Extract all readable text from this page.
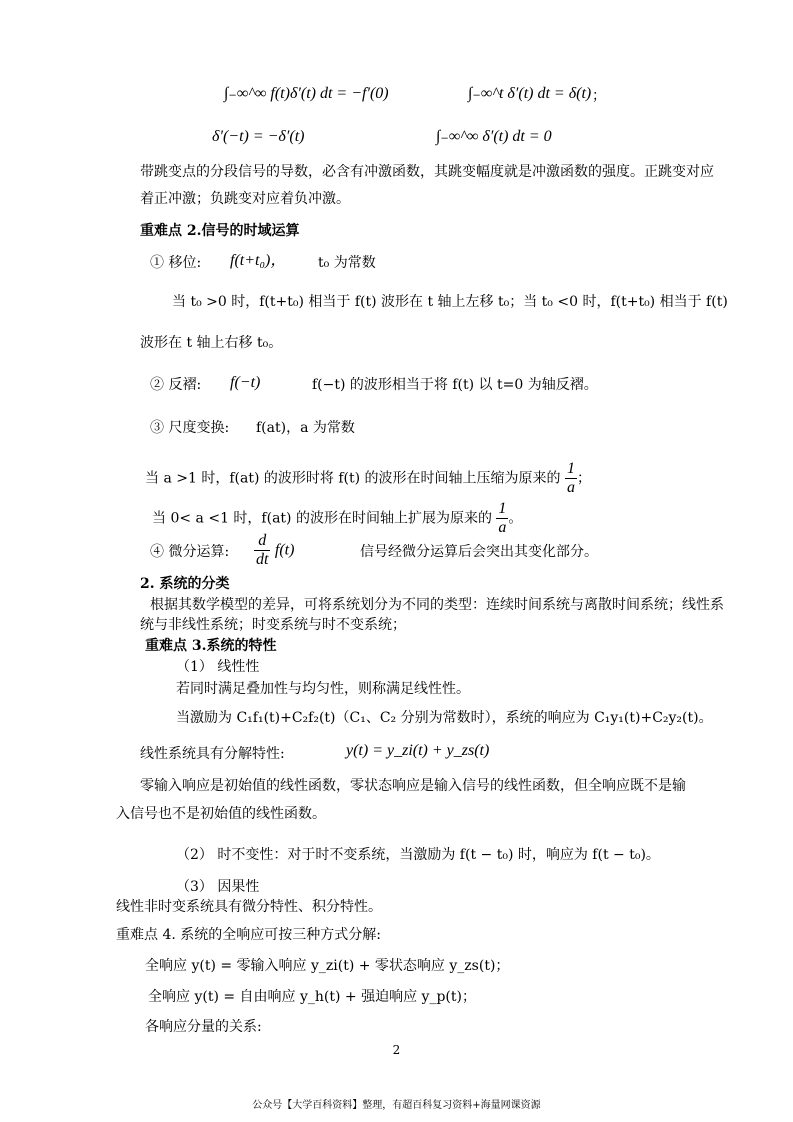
∫₋∞^∞ f(t)δ′(t) dt = −f′(0)	∫₋∞^t δ′(t) dt = δ(t) ；
δ′(−t) = −δ′(t)	∫₋∞^∞ δ′(t) dt = 0
带跳变点的分段信号的导数，必含有冲激函数，其跳变幅度就是冲激函数的强度。正跳变对应
着正冲激；负跳变对应着负冲激。
重难点 2.信号的时域运算
① 移位: f(t+t₀)， t₀ 为常数
当 t₀ >0 时，f(t+t₀) 相当于 f(t) 波形在 t 轴上左移 t₀；当 t₀ <0 时，f(t+t₀) 相当于 f(t)
波形在 t 轴上右移 t₀。
② 反褶: f(−t)	f(−t) 的波形相当于将 f(t) 以 t=0 为轴反褶。
③ 尺度变换: f(at)，a 为常数
当 a >1 时，f(at) 的波形时将 f(t) 的波形在时间轴上压缩为原来的 $\frac{1}{a}$ ；
当 0< a <1 时，f(at) 的波形在时间轴上扩展为原来的 $\frac{1}{a}$ 。
④ 微分运算: $\frac{d}{dt} f(t)$	信号经微分运算后会突出其变化部分。
2. 系统的分类
根据其数学模型的差异，可将系统划分为不同的类型：连续时间系统与离散时间系统；线性系
统与非线性系统；时变系统与时不变系统；
重难点 3.系统的特性
（1） 线性性
若同时满足叠加性与均匀性，则称满足线性性。
当激励为 C₁f₁(t)+C₂f₂(t)（C₁、C₂ 分别为常数时），系统的响应为 C₁y₁(t)+C₂y₂(t)。
线性系统具有分解特性:	y(t) = y_zi(t) + y_zs(t)
零输入响应是初始值的线性函数，零状态响应是输入信号的线性函数，但全响应既不是输
入信号也不是初始值的线性函数。
（2） 时不变性：对于时不变系统，当激励为 f(t − t₀) 时，响应为 f(t − t₀)。
（3） 因果性
线性非时变系统具有微分特性、积分特性。
重难点 4. 系统的全响应可按三种方式分解:
全响应 y(t) = 零输入响应 y_zi(t) + 零状态响应 y_zs(t)；
全响应 y(t) = 自由响应 y_h(t) + 强迫响应 y_p(t)；
各响应分量的关系:
2
公众号【大学百科资料】整理，有超百科复习资料+海量网课资源
